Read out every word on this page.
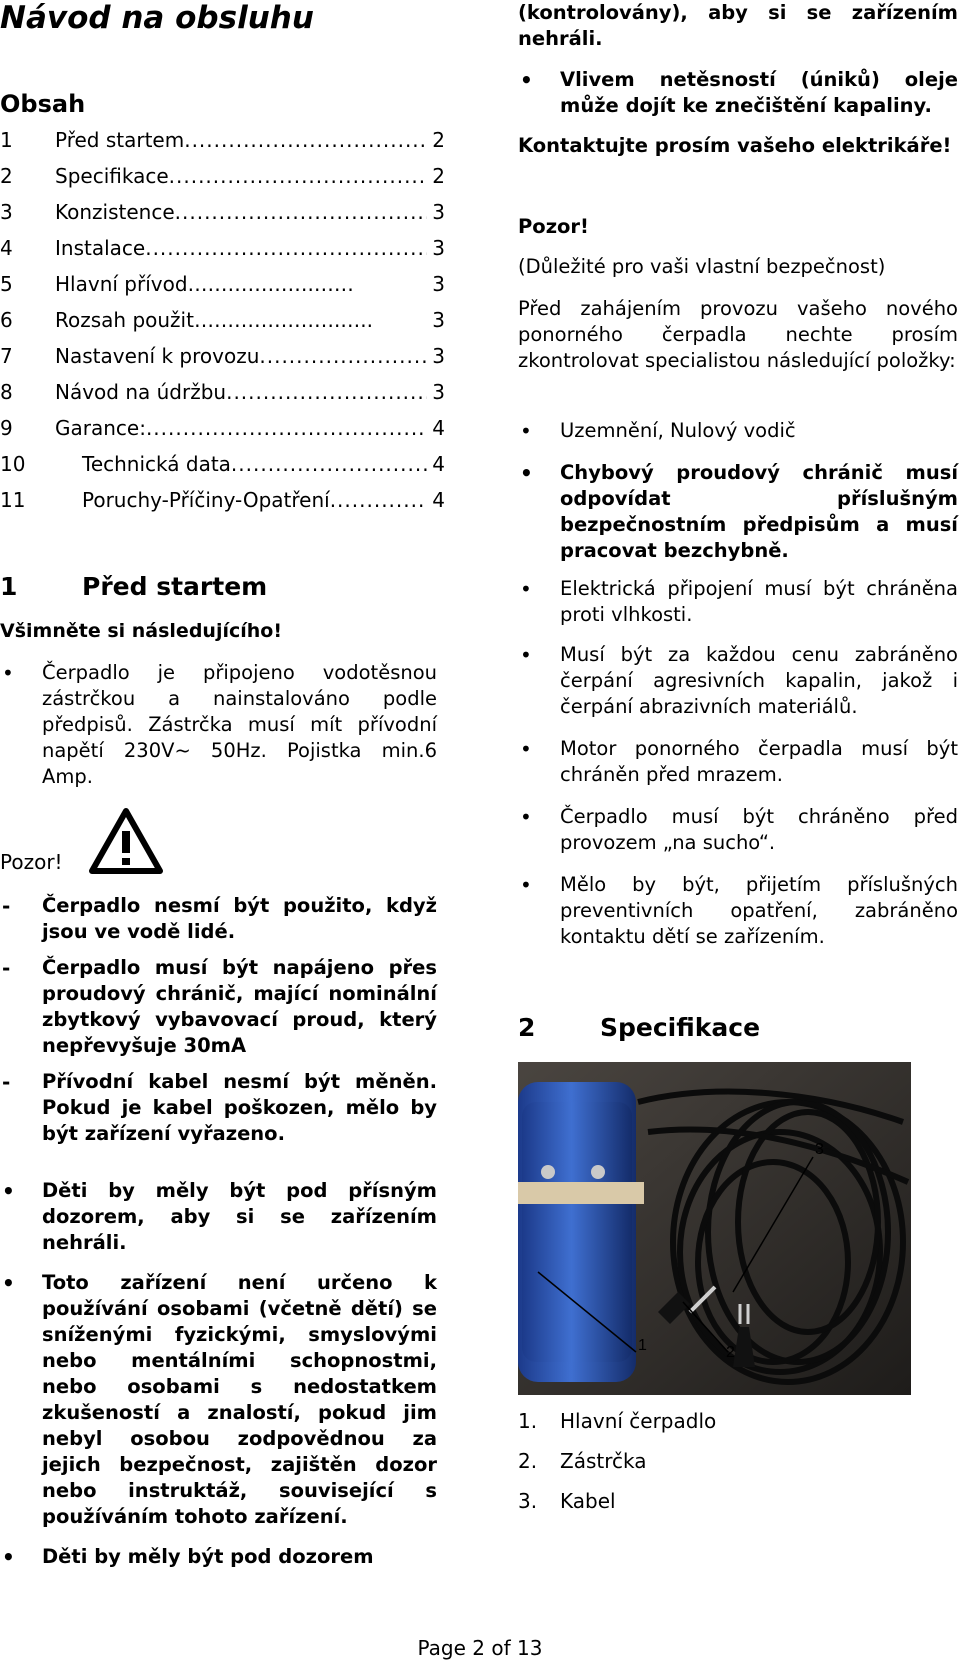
Návod na obsluhu
Obsah
1	Před startem .....	2
2	Specifikace .....	2
3	Konzistence .....	3
4	Instalace .....	3
5	Hlavní přívod……………….……	3
6	Rozsah použit………………….…..	3
7	Nastavení k provozu .....	3
8	Návod na údržbu .....	3
9	Garance: .....	4
10	Technická data .....	4
11	Poruchy-Příčiny-Opatření .....	4
1	Před startem
Všimněte si následujícího!
• Čerpadlo je připojeno vodotěsnou zástrčkou a nainstalováno podle předpisů. Zástrčka musí mít přívodní napětí 230V~ 50Hz. Pojistka min.6 Amp.
Pozor!
- Čerpadlo nesmí být použito, když jsou ve vodě lidé.
- Čerpadlo musí být napájeno přes proudový chránič, mající nominální zbytkový vybavovací proud, který nepřevyšuje 30mA
- Přívodní kabel nesmí být měněn. Pokud je kabel poškozen, mělo by být zařízení vyřazeno.
• Děti by měly být pod přísným dozorem, aby si se zařízením nehráli.
• Toto zařízení není určeno k používání osobami (včetně dětí) se sníženými fyzickými, smyslovými nebo mentálními schopnostmi, nebo osobami s nedostatkem zkušeností a znalostí, pokud jim nebyl osobou zodpovědnou za jejich bezpečnost, zajištěn dozor nebo instruktáž, související s používáním tohoto zařízení.
• Děti by měly být pod dozorem
(kontrolovány), aby si se zařízením nehráli.
• Vlivem netěsností (úniků) oleje může dojít ke znečištění kapaliny.
Kontaktujte prosím vašeho elektrikáře!
Pozor!
(Důležité pro vaši vlastní bezpečnost)
Před zahájením provozu vašeho nového ponorného čerpadla nechte prosím zkontrolovat specialistou následující položky:
• Uzemnění, Nulový vodič
• Chybový proudový chránič musí odpovídat příslušným bezpečnostním předpisům a musí pracovat bezchybně.
• Elektrická připojení musí být chráněna proti vlhkosti.
• Musí být za každou cenu zabráněno čerpání agresivních kapalin, jakož i čerpání abrazivních materiálů.
• Motor ponorného čerpadla musí být chráněn před mrazem.
• Čerpadlo musí být chráněno před provozem „na sucho“.
• Mělo by být, přijetím příslušných preventivních opatření, zabráněno kontaktu dětí se zařízením.
2	Specifikace
1	2
3
1. Hlavní čerpadlo
2. Zástrčka
3. Kabel
Page 2 of 13
